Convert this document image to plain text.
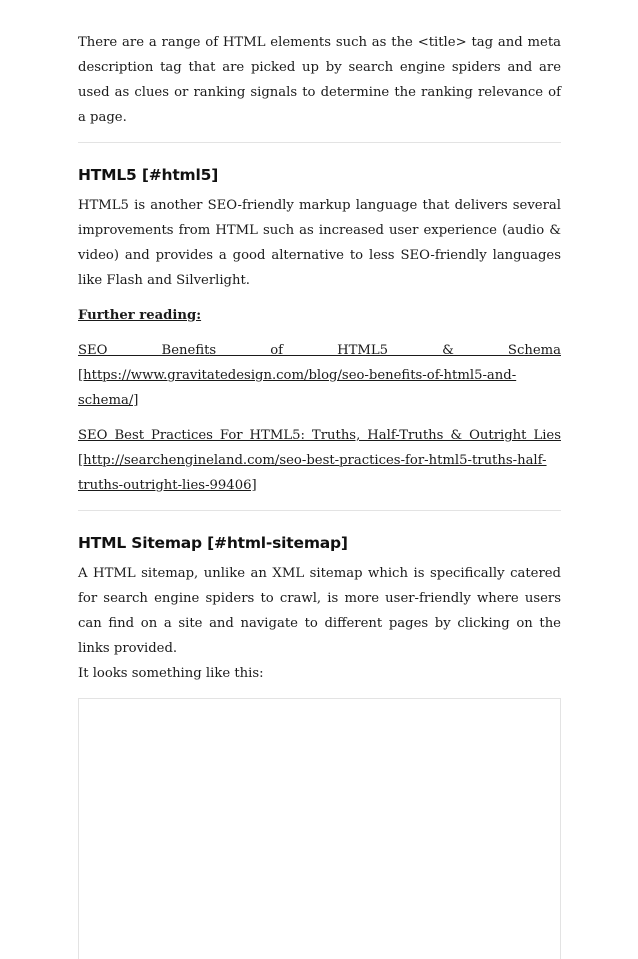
There are a range of HTML elements such as the <title> tag and meta description tag that are picked up by search engine spiders and are used as clues or ranking signals to determine the ranking relevance of a page.

HTML5 [#html5]

HTML5 is another SEO-friendly markup language that delivers several improvements from HTML such as increased user experience (audio & video) and provides a good alternative to less SEO-friendly languages like Flash and Silverlight.

Further reading:

SEO Benefits of HTML5 & Schema [https://www.gravitatedesign.com/blog/seo-benefits-of-html5-and-schema/]

SEO Best Practices For HTML5: Truths, Half-Truths & Outright Lies [http://searchengineland.com/seo-best-practices-for-html5-truths-half-truths-outright-lies-99406]

HTML Sitemap [#html-sitemap]

A HTML sitemap, unlike an XML sitemap which is specifically catered for search engine spiders to crawl, is more user-friendly where users can find on a site and navigate to different pages by clicking on the links provided.

It looks something like this:
